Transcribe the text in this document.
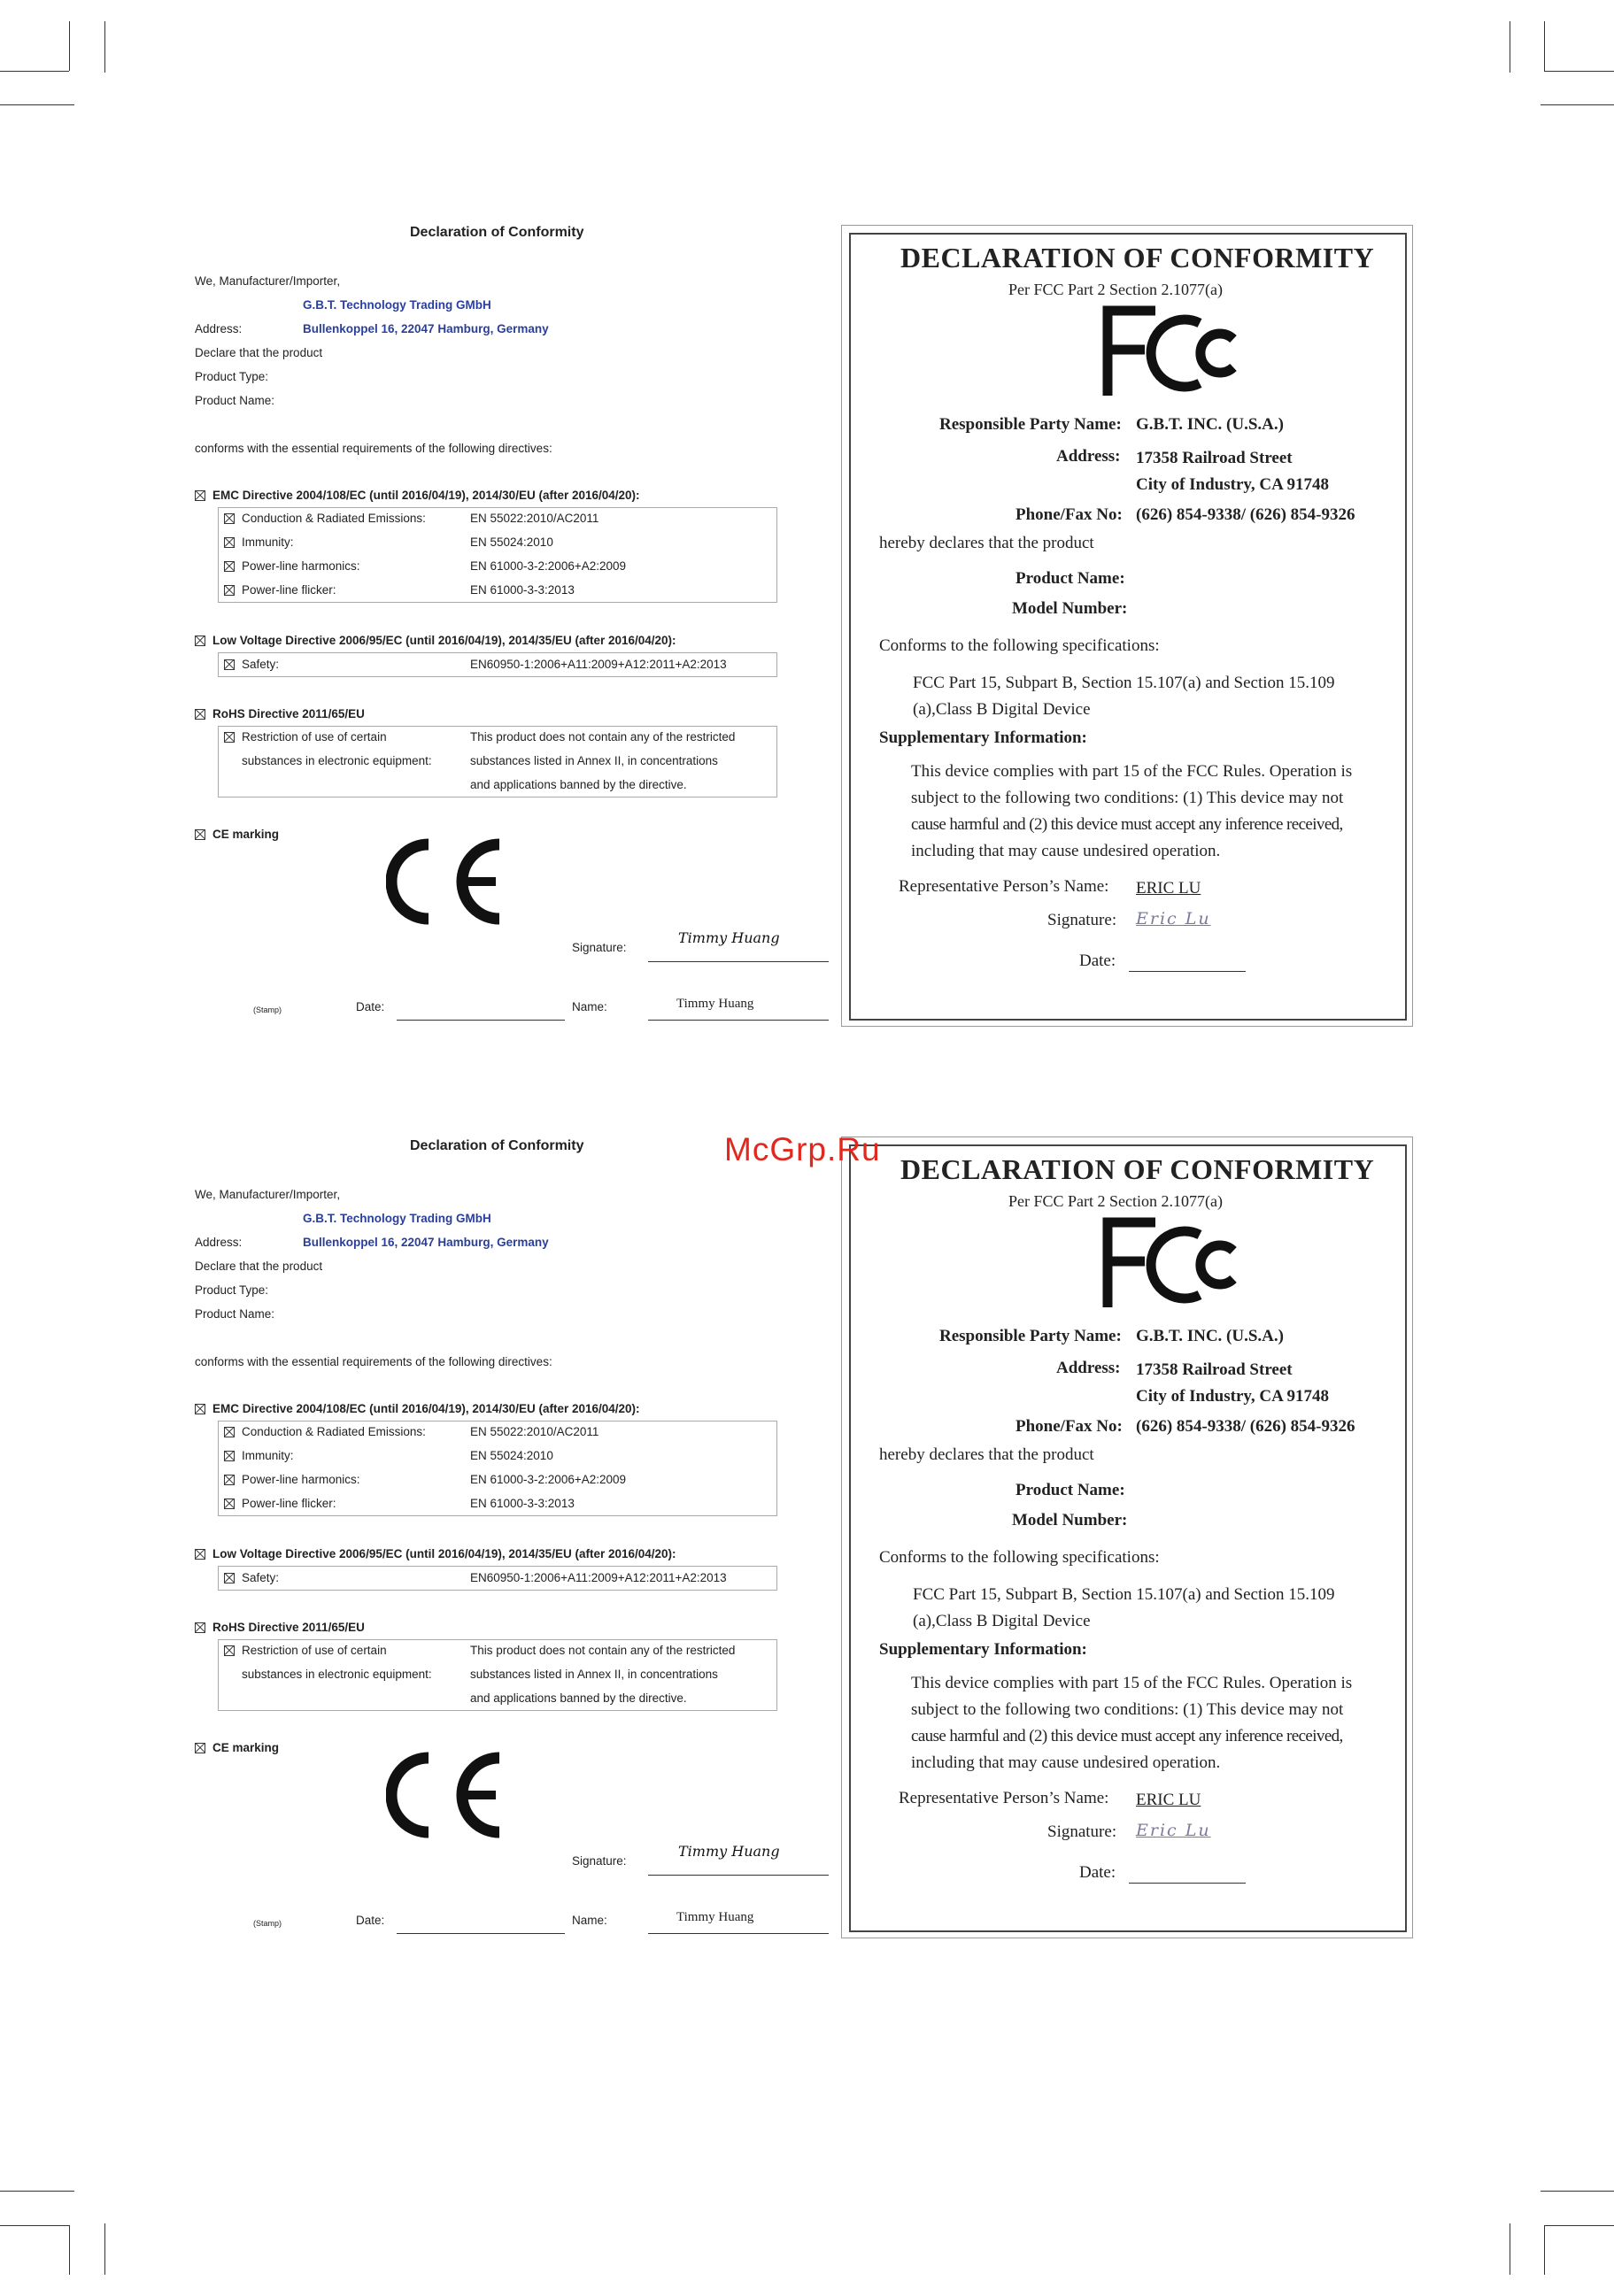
McGrp.Ru
Declaration of Conformity
We, Manufacturer/Importer,
G.B.T. Technology Trading GMbH
Address:	Bullenkoppel 16, 22047 Hamburg, Germany
Declare that the product
Product Type:
Product Name:
conforms with the essential requirements of the following directives:
EMC Directive 2004/108/EC (until 2016/04/19), 2014/30/EU (after 2016/04/20):
Conduction & Radiated Emissions:	EN 55022:2010/AC2011
Immunity:	EN 55024:2010
Power-line harmonics:	EN 61000-3-2:2006+A2:2009
Power-line flicker:	EN 61000-3-3:2013
Low Voltage Directive 2006/95/EC (until 2016/04/19), 2014/35/EU (after 2016/04/20):
Safety:	EN60950-1:2006+A11:2009+A12:2011+A2:2013
RoHS Directive 2011/65/EU
Restriction of use of certain
substances in electronic equipment:
This product does not contain any of the restricted
substances listed in Annex II, in concentrations
and applications banned by the directive.
CE marking
Signature:
Timmy Huang
(Stamp)	Date:	Name:	Timmy Huang
DECLARATION OF CONFORMITY
Per FCC Part 2 Section 2.1077(a)
Responsible Party Name: G.B.T. INC. (U.S.A.)
Address: 17358 Railroad Street
City of Industry, CA 91748
Phone/Fax No: (626) 854-9338/ (626) 854-9326
hereby declares that the product
Product Name:
Model Number:
Conforms to the following specifications:
FCC Part 15, Subpart B, Section 15.107(a) and Section 15.109
(a),Class B Digital Device
Supplementary Information:
This device complies with part 15 of the FCC Rules. Operation is
subject to the following two conditions: (1) This device may not
cause harmful and (2) this device must accept any inference received,
including that may cause undesired operation.
Representative Person’s Name: ERIC LU
Signature: Eric Lu
Date:
Declaration of Conformity
We, Manufacturer/Importer,
G.B.T. Technology Trading GMbH
Address:	Bullenkoppel 16, 22047 Hamburg, Germany
Declare that the product
Product Type:
Product Name:
conforms with the essential requirements of the following directives:
EMC Directive 2004/108/EC (until 2016/04/19), 2014/30/EU (after 2016/04/20):
Conduction & Radiated Emissions:	EN 55022:2010/AC2011
Immunity:	EN 55024:2010
Power-line harmonics:	EN 61000-3-2:2006+A2:2009
Power-line flicker:	EN 61000-3-3:2013
Low Voltage Directive 2006/95/EC (until 2016/04/19), 2014/35/EU (after 2016/04/20):
Safety:	EN60950-1:2006+A11:2009+A12:2011+A2:2013
RoHS Directive 2011/65/EU
Restriction of use of certain
substances in electronic equipment:
This product does not contain any of the restricted
substances listed in Annex II, in concentrations
and applications banned by the directive.
CE marking
Signature:
Timmy Huang
(Stamp)	Date:	Name:	Timmy Huang
DECLARATION OF CONFORMITY
Per FCC Part 2 Section 2.1077(a)
Responsible Party Name: G.B.T. INC. (U.S.A.)
Address: 17358 Railroad Street
City of Industry, CA 91748
Phone/Fax No: (626) 854-9338/ (626) 854-9326
hereby declares that the product
Product Name:
Model Number:
Conforms to the following specifications:
FCC Part 15, Subpart B, Section 15.107(a) and Section 15.109
(a),Class B Digital Device
Supplementary Information:
This device complies with part 15 of the FCC Rules. Operation is
subject to the following two conditions: (1) This device may not
cause harmful and (2) this device must accept any inference received,
including that may cause undesired operation.
Representative Person’s Name: ERIC LU
Signature: Eric Lu
Date:
